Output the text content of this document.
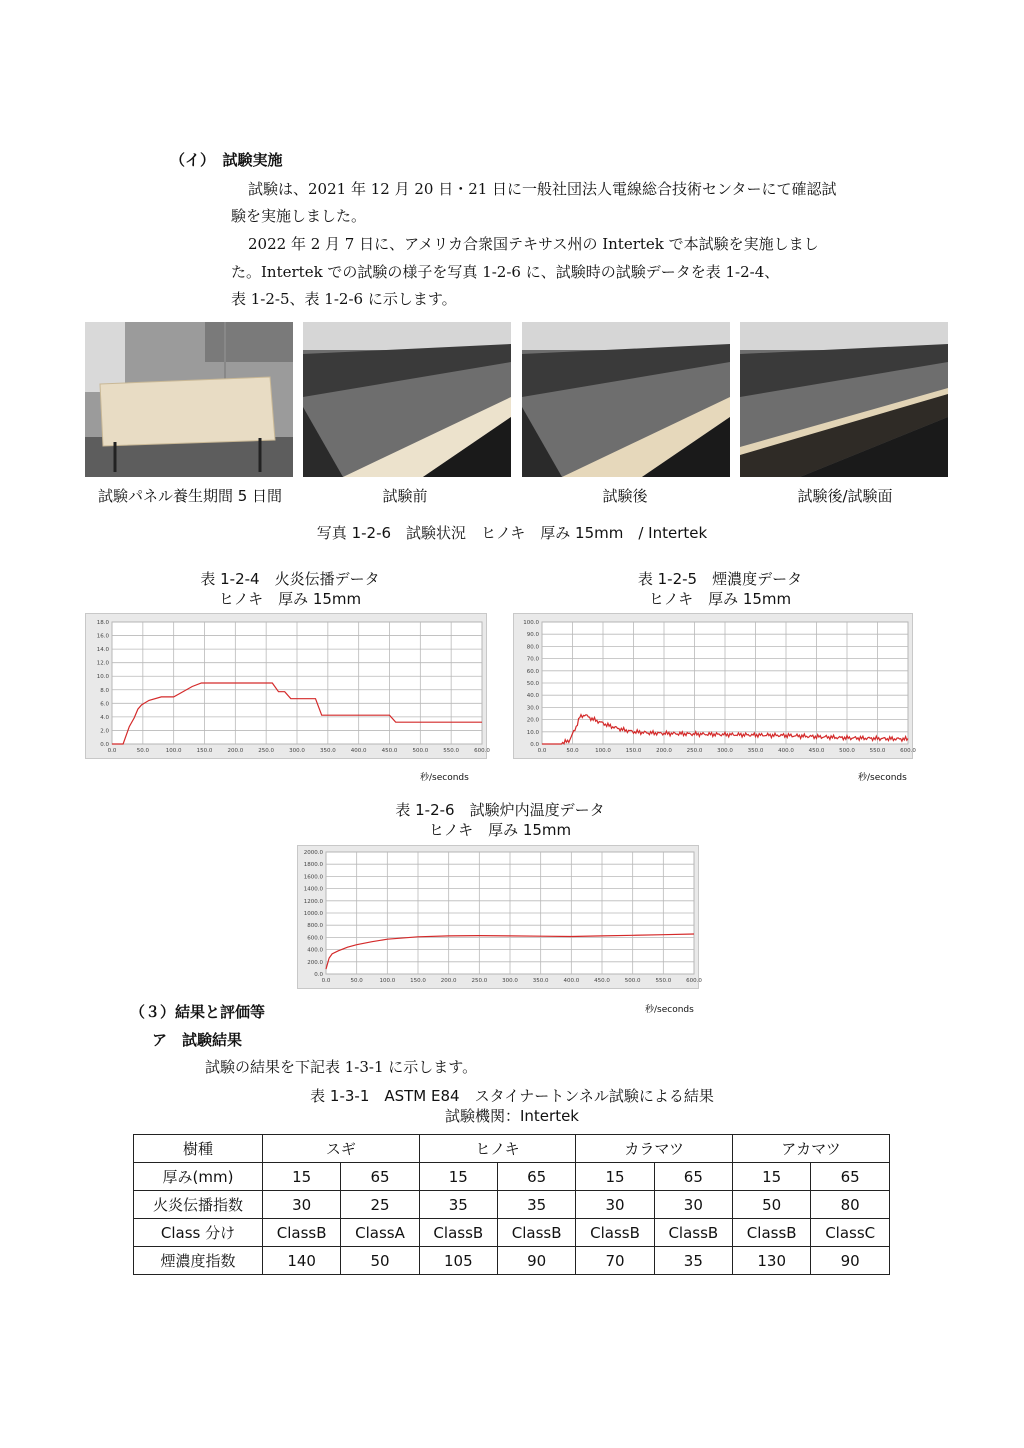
（イ）　試験実施
試験は、2021 年 12 月 20 日・21 日に一般社団法人電線総合技術センターにて確認試
験を実施しました。
2022 年 2 月 7 日に、アメリカ合衆国テキサス州の Intertek で本試験を実施しまし
た。Intertek での試験の様子を写真 1-2-6 に、試験時の試験データを表 1-2-4、
表 1-2-5、表 1-2-6 に示します。
試験パネル養生期間 5 日間	試験前	試験後	試験後/試験面
写真 1-2-6　試験状況　ヒノキ　厚み 15mm　/ Intertek
表 1-2-4　火炎伝播データ
ヒノキ　厚み 15mm
0.0	50.0	100.0	150.0	200.0	250.0	300.0	350.0	400.0	450.0	500.0	550.0	600.0
0.0
2.0
4.0
6.0
8.0
10.0
12.0
14.0
16.0
18.0
秒/seconds
表 1-2-5　煙濃度データ
ヒノキ　厚み 15mm
0.0	50.0	100.0	150.0	200.0	250.0	300.0	350.0	400.0	450.0	500.0	550.0	600.0
0.0
10.0
20.0
30.0
40.0
50.0
60.0
70.0
80.0
90.0
100.0
秒/seconds
表 1-2-6　試験炉内温度データ
ヒノキ　厚み 15mm
0.0	50.0	100.0	150.0	200.0	250.0	300.0	350.0	400.0	450.0	500.0	550.0	600.0
0.0
200.0
400.0
600.0
800.0
1000.0
1200.0
1400.0
1600.0
1800.0
2000.0
秒/seconds
（３）結果と評価等
ア　試験結果
試験の結果を下記表 1-3-1 に示します。
表 1-3-1　ASTM E84　スタイナートンネル試験による結果
試験機関：Intertek
樹種	スギ		ヒノキ		カラマツ		アカマツ	
厚み(mm)	15	65	15	65	15	65	15	65
火炎伝播指数	30	25	35	35	30	30	50	80
Class 分け	ClassB	ClassA	ClassB	ClassB	ClassB	ClassB	ClassB	ClassC
煙濃度指数	140	50	105	90	70	35	130	90
